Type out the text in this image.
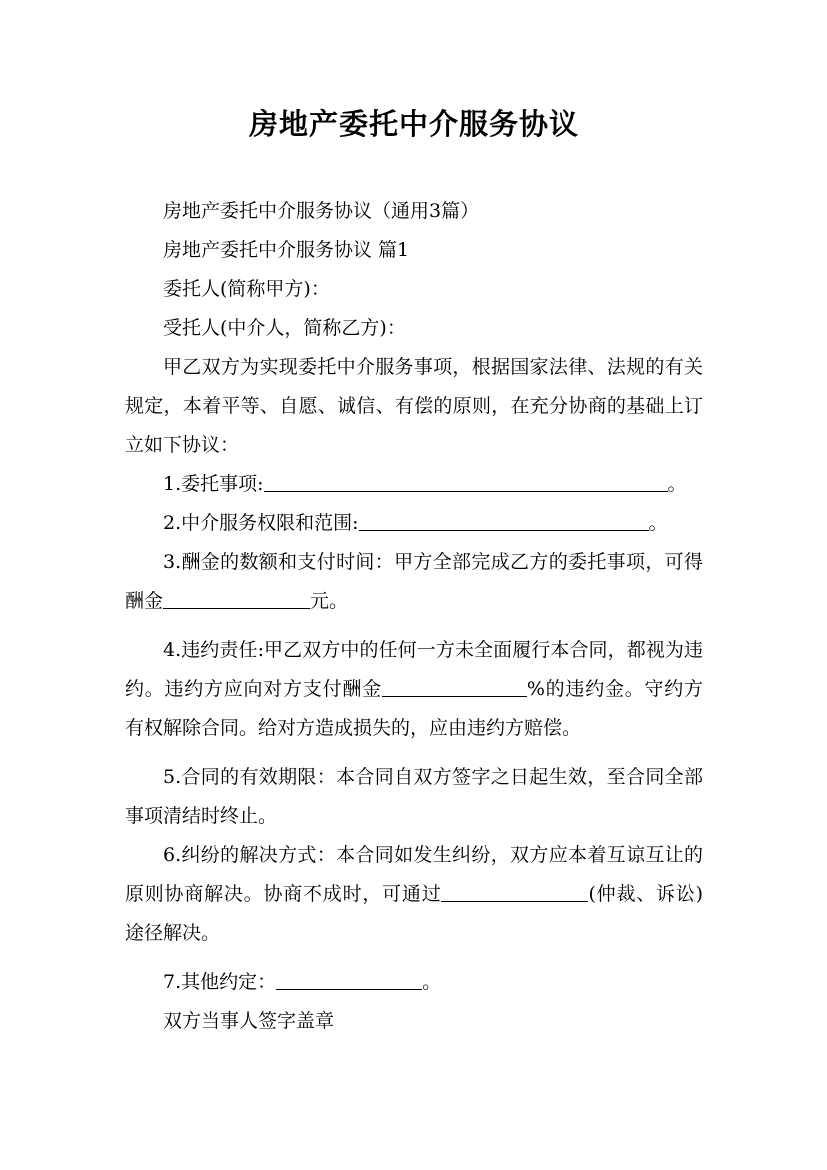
房地产委托中介服务协议

房地产委托中介服务协议（通用3篇）

房地产委托中介服务协议 篇1

委托人(简称甲方)：

受托人(中介人，简称乙方)：

甲乙双方为实现委托中介服务事项，根据国家法律、法规的有关规定，本着平等、自愿、诚信、有偿的原则，在充分协商的基础上订立如下协议：

1.委托事项:	。

2.中介服务权限和范围:	。

3.酬金的数额和支付时间：甲方全部完成乙方的委托事项，可得酬金	元。

4.违约责任:甲乙双方中的任何一方未全面履行本合同，都视为违约。违约方应向对方支付酬金	%的违约金。守约方有权解除合同。给对方造成损失的，应由违约方赔偿。

5.合同的有效期限：本合同自双方签字之日起生效，至合同全部事项清结时终止。

6.纠纷的解决方式：本合同如发生纠纷，双方应本着互谅互让的原则协商解决。协商不成时，可通过	(仲裁、诉讼)途径解决。

7.其他约定：	。

双方当事人签字盖章
